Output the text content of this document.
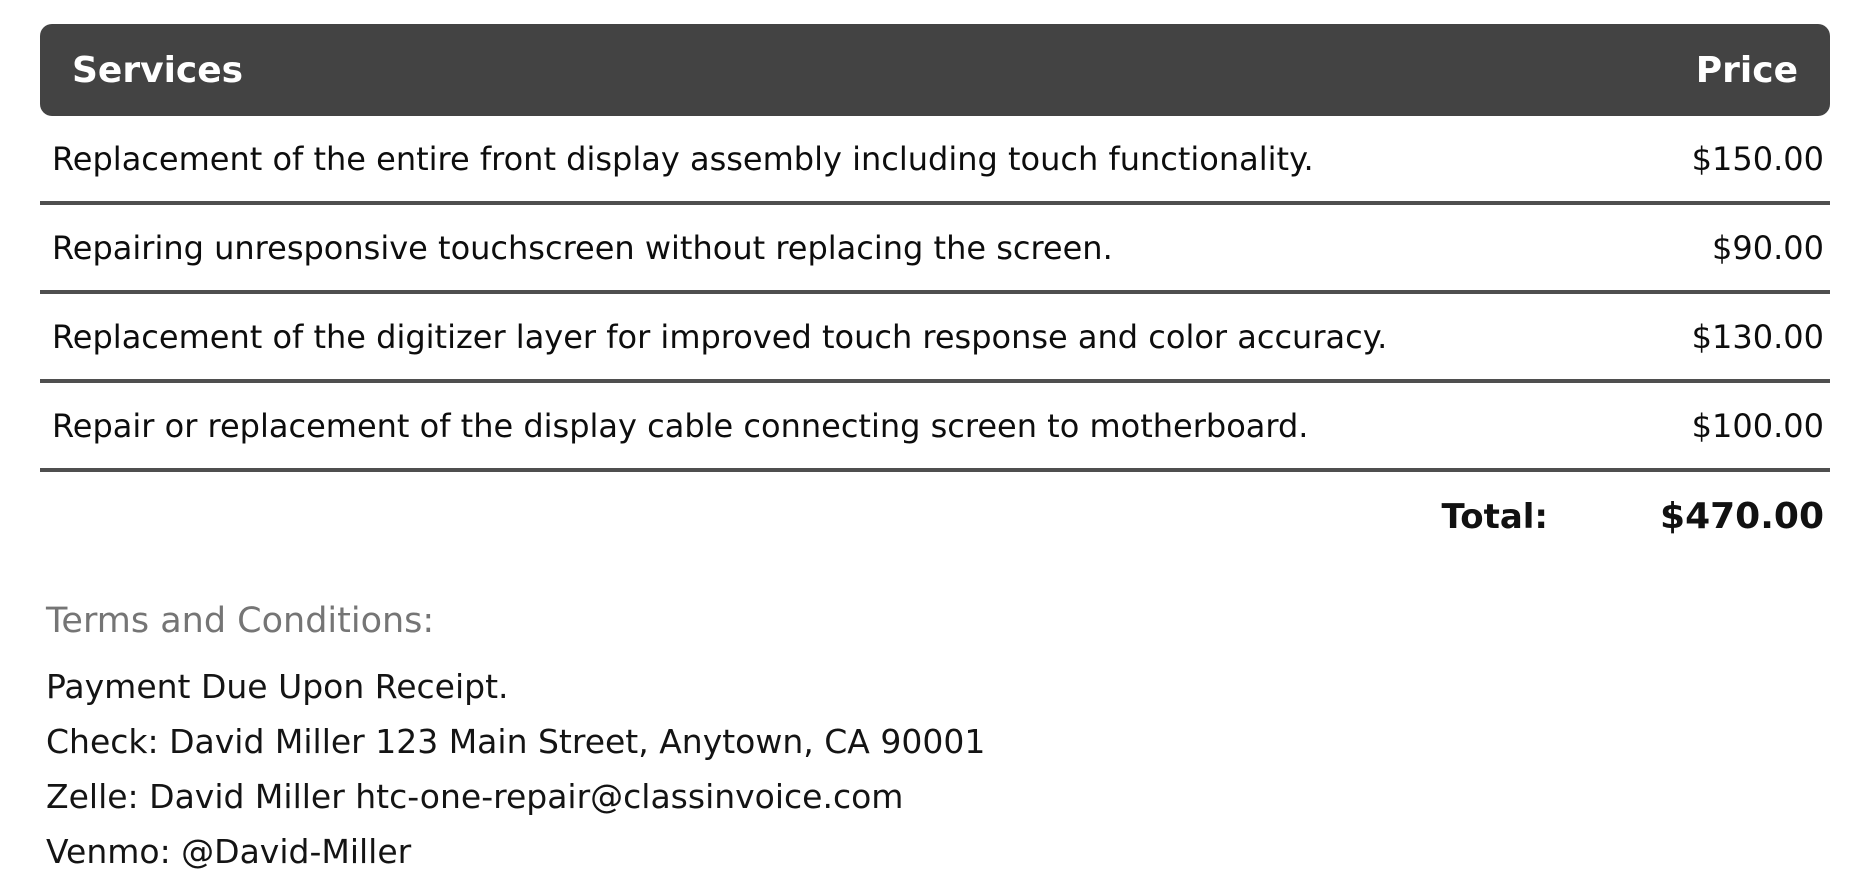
Services	Price
Replacement of the entire front display assembly including touch functionality.	$150.00
Repairing unresponsive touchscreen without replacing the screen.	$90.00
Replacement of the digitizer layer for improved touch response and color accuracy.	$130.00
Repair or replacement of the display cable connecting screen to motherboard.	$100.00
Total:	$470.00
Terms and Conditions:
Payment Due Upon Receipt.
Check: David Miller 123 Main Street, Anytown, CA 90001
Zelle: David Miller htc-one-repair@classinvoice.com
Venmo: @David-Miller
